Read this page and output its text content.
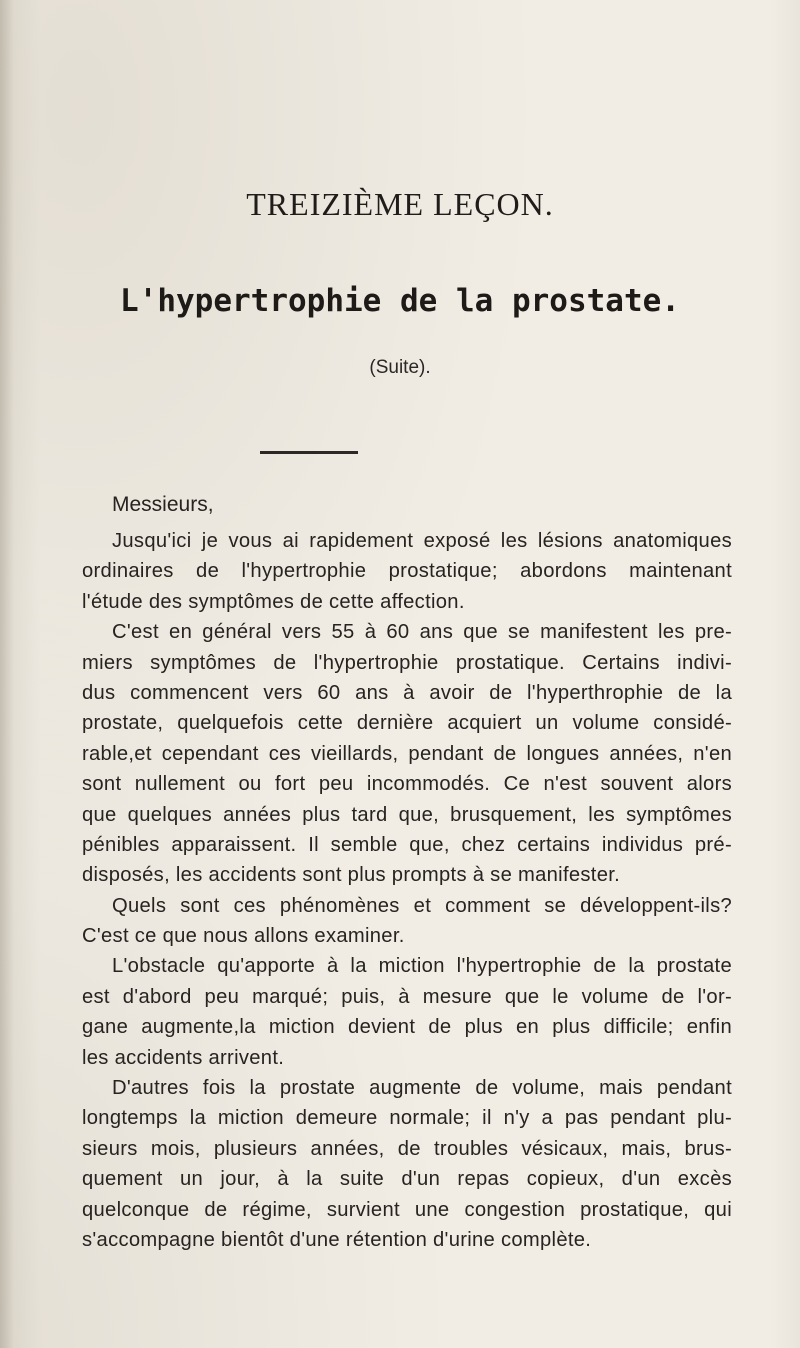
TREIZIÈME LEÇON.
L'hypertrophie de la prostate.
(Suite).
Messieurs,
Jusqu'ici je vous ai rapidement exposé les lésions anatomiques
ordinaires de l'hypertrophie prostatique; abordons maintenant
l'étude des symptômes de cette affection.
C'est en général vers 55 à 60 ans que se manifestent les pre-
miers symptômes de l'hypertrophie prostatique. Certains indivi-
dus commencent vers 60 ans à avoir de l'hyperthrophie de la
prostate, quelquefois cette dernière acquiert un volume considé-
rable,et cependant ces vieillards, pendant de longues années, n'en
sont nullement ou fort peu incommodés. Ce n'est souvent alors
que quelques années plus tard que, brusquement, les symptômes
pénibles apparaissent. Il semble que, chez certains individus pré-
disposés, les accidents sont plus prompts à se manifester.
Quels sont ces phénomènes et comment se développent-ils?
C'est ce que nous allons examiner.
L'obstacle qu'apporte à la miction l'hypertrophie de la prostate
est d'abord peu marqué; puis, à mesure que le volume de l'or-
gane augmente,la miction devient de plus en plus difficile; enfin
les accidents arrivent.
D'autres fois la prostate augmente de volume, mais pendant
longtemps la miction demeure normale; il n'y a pas pendant plu-
sieurs mois, plusieurs années, de troubles vésicaux, mais, brus-
quement un jour, à la suite d'un repas copieux, d'un excès
quelconque de régime, survient une congestion prostatique, qui
s'accompagne bientôt d'une rétention d'urine complète.
